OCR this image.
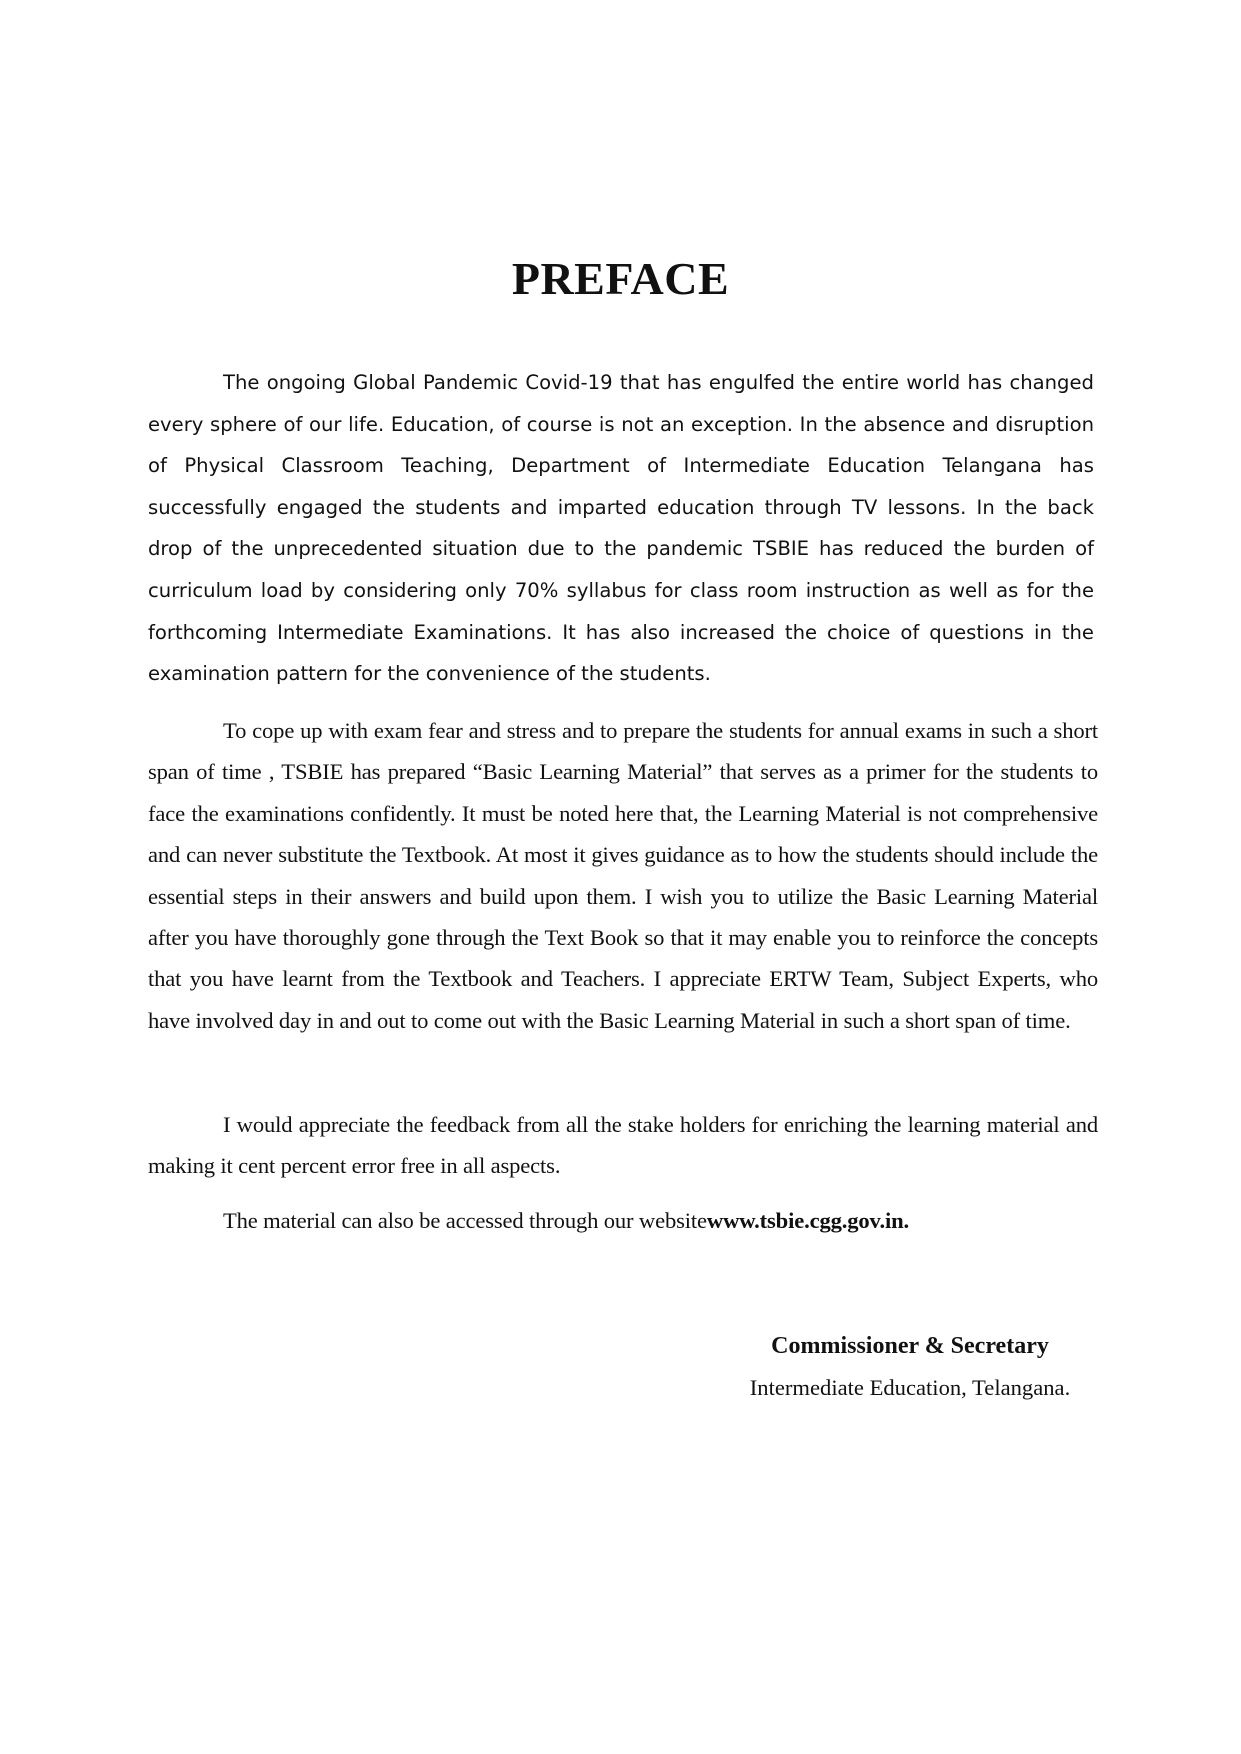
PREFACE

The ongoing Global Pandemic Covid-19 that has engulfed the entire world has changed every sphere of our life. Education, of course is not an exception. In the absence and disruption of Physical Classroom Teaching, Department of Intermediate Education Telangana has successfully engaged the students and imparted education through TV lessons. In the back drop of the unprecedented situation due to the pandemic TSBIE has reduced the burden of curriculum load by considering only 70% syllabus for class room instruction as well as for the forthcoming Intermediate Examinations. It has also increased the choice of questions in the examination pattern for the convenience of the students.

To cope up with exam fear and stress and to prepare the students for annual exams in such a short span of time , TSBIE has prepared “Basic Learning Material” that serves as a primer for the students to face the examinations confidently. It must be noted here that, the Learning Material is not comprehensive and can never substitute the Textbook. At most it gives guidance as to how the students should include the essential steps in their answers and build upon them. I wish you to utilize the Basic Learning Material after you have thoroughly gone through the Text Book so that it may enable you to reinforce the concepts that you have learnt from the Textbook and Teachers. I appreciate ERTW Team, Subject Experts, who have involved day in and out to come out with the Basic Learning Material in such a short span of time.

I would appreciate the feedback from all the stake holders for enriching the learning material and making it cent percent error free in all aspects.

The material can also be accessed through our websitewww.tsbie.cgg.gov.in.

Commissioner & Secretary

Intermediate Education, Telangana.
